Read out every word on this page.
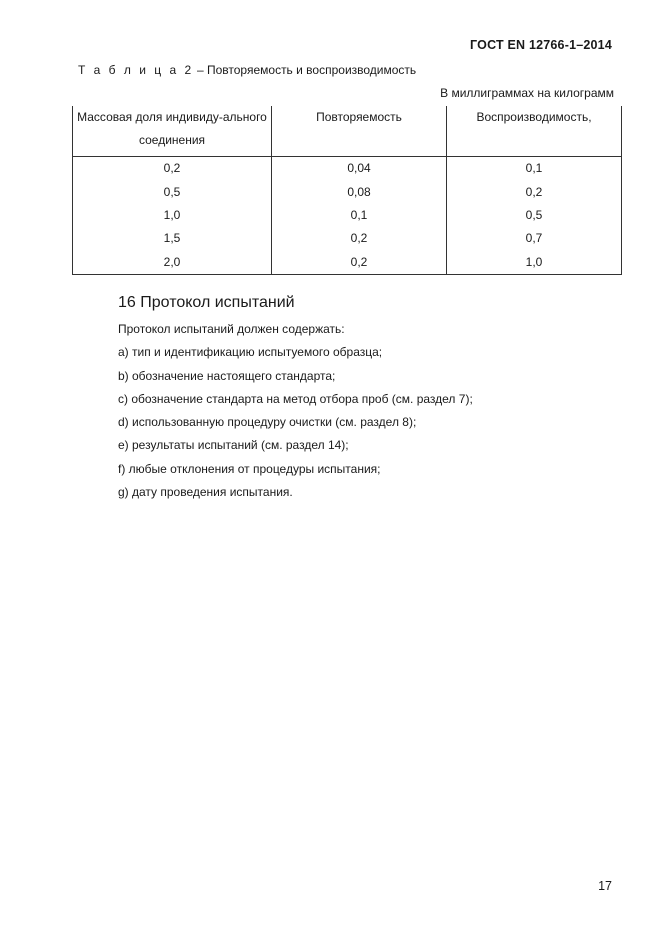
ГОСТ EN 12766-1–2014
Т а б л и ц а 2 – Повторяемость и воспроизводимость
В миллиграммах на килограмм
Массовая доля индивиду-ального соединения	Повторяемость	Воспроизводимость,
0,2	0,04	0,1
0,5	0,08	0,2
1,0	0,1	0,5
1,5	0,2	0,7
2,0	0,2	1,0
16 Протокол испытаний
Протокол испытаний должен содержать:
a) тип и идентификацию испытуемого образца;
b) обозначение настоящего стандарта;
c) обозначение стандарта на метод отбора проб (см. раздел 7);
d) использованную процедуру очистки (см. раздел 8);
e) результаты испытаний (см. раздел 14);
f) любые отклонения от процедуры испытания;
g) дату проведения испытания.
17
